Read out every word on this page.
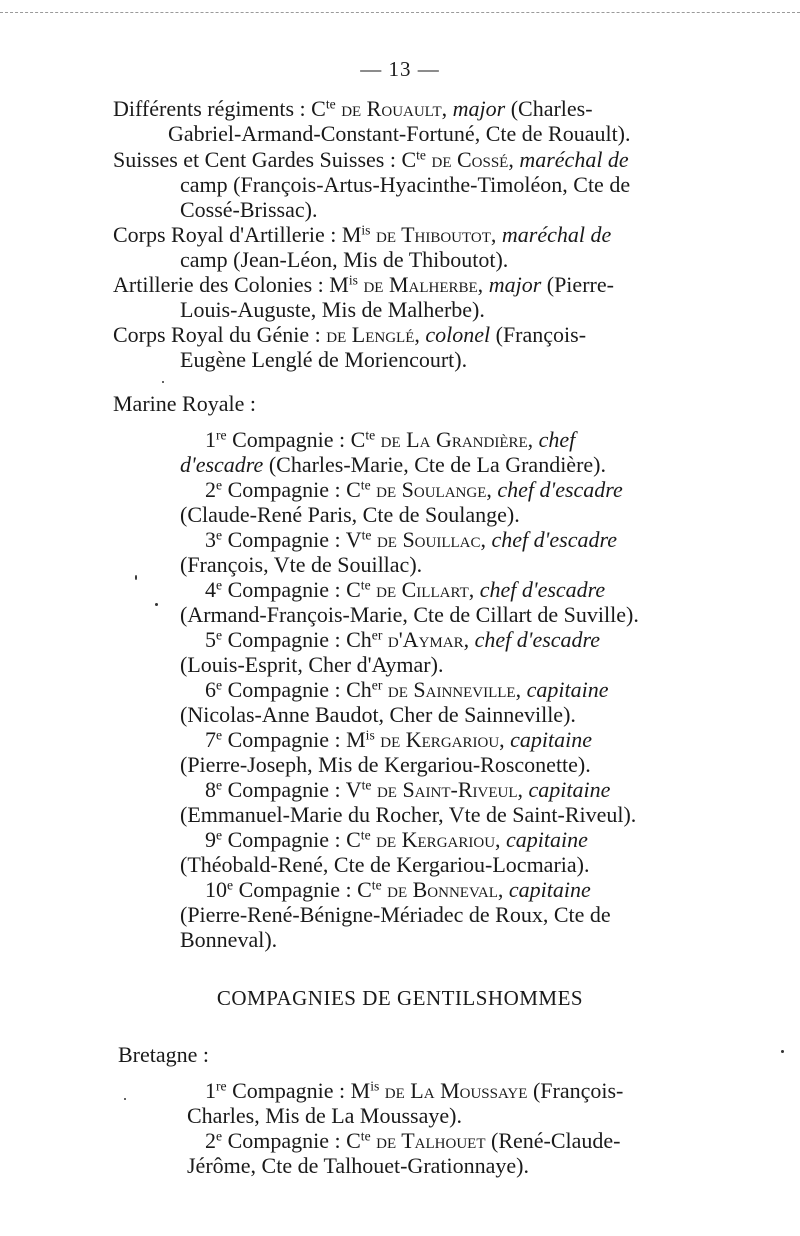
— 13 —
Différents régiments : $C^{te}$ de Rouault, major (Charles-
Gabriel-Armand-Constant-Fortuné, Cte de Rouault).
Suisses et Cent Gardes Suisses : $C^{te}$ de Cossé, maréchal de
camp (François-Artus-Hyacinthe-Timoléon, Cte de
Cossé-Brissac).
Corps Royal d'Artillerie : $M^{is}$ de Thiboutot, maréchal de
camp (Jean-Léon, Mis de Thiboutot).
Artillerie des Colonies : $M^{is}$ de Malherbe, major (Pierre-
Louis-Auguste, Mis de Malherbe).
Corps Royal du Génie : de Lenglé, colonel (François-
Eugène Lenglé de Moriencourt).
Marine Royale :
1re Compagnie : $C^{te}$ de La Grandière, chef
d'escadre (Charles-Marie, Cte de La Grandière).
2e Compagnie : $C^{te}$ de Soulange, chef d'escadre
(Claude-René Paris, Cte de Soulange).
3e Compagnie : $V^{te}$ de Souillac, chef d'escadre
(François, Vte de Souillac).
4e Compagnie : $C^{te}$ de Cillart, chef d'escadre
(Armand-François-Marie, Cte de Cillart de Suville).
5e Compagnie : $Ch^{er}$ d'Aymar, chef d'escadre
(Louis-Esprit, Cher d'Aymar).
6e Compagnie : $Ch^{er}$ de Sainneville, capitaine
(Nicolas-Anne Baudot, Cher de Sainneville).
7e Compagnie : $M^{is}$ de Kergariou, capitaine
(Pierre-Joseph, Mis de Kergariou-Rosconette).
8e Compagnie : $V^{te}$ de Saint-Riveul, capitaine
(Emmanuel-Marie du Rocher, Vte de Saint-Riveul).
9e Compagnie : $C^{te}$ de Kergariou, capitaine
(Théobald-René, Cte de Kergariou-Locmaria).
10e Compagnie : $C^{te}$ de Bonneval, capitaine
(Pierre-René-Bénigne-Mériadec de Roux, Cte de
Bonneval).
COMPAGNIES DE GENTILSHOMMES
Bretagne :
1re Compagnie : $M^{is}$ de La Moussaye (François-
Charles, Mis de La Moussaye).
2e Compagnie : $C^{te}$ de Talhouet (René-Claude-
Jérôme, Cte de Talhouet-Grationnaye).
